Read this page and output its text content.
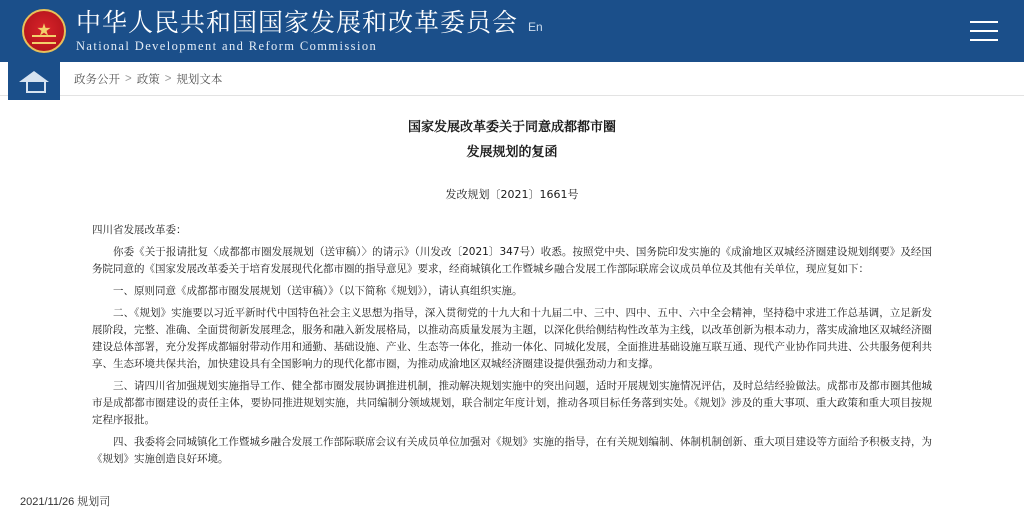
★
中华人民共和国国家发展和改革委员会 En
National Development and Reform Commission
政务公开 > 政策 > 规划文本
国家发展改革委关于同意成都都市圈
发展规划的复函
发改规划〔2021〕1661号

四川省发展改革委：

你委《关于报请批复〈成都都市圈发展规划（送审稿）〉的请示》（川发改〔2021〕347号）收悉。按照党中央、国务院印发实施的《成渝地区双城经济圈建设规划纲要》及经国务院同意的《国家发展改革委关于培育发展现代化都市圈的指导意见》要求，经商城镇化工作暨城乡融合发展工作部际联席会议成员单位及其他有关单位，现应复如下：

一、原则同意《成都都市圈发展规划（送审稿）》（以下简称《规划》），请认真组织实施。

二、《规划》实施要以习近平新时代中国特色社会主义思想为指导，深入贯彻党的十九大和十九届二中、三中、四中、五中、六中全会精神，坚持稳中求进工作总基调，立足新发展阶段，完整、准确、全面贯彻新发展理念，服务和融入新发展格局，以推动高质量发展为主题，以深化供给侧结构性改革为主线，以改革创新为根本动力，落实成渝地区双城经济圈建设总体部署，充分发挥成都辐射带动作用和通勤、基础设施、产业、生态等一体化，推动一体化、同城化发展，全面推进基础设施互联互通、现代产业协作同共进、公共服务便利共享、生态环境共保共治，加快建设具有全国影响力的现代化都市圈，为推动成渝地区双城经济圈建设提供强劲动力和支撑。

三、请四川省加强规划实施指导工作、健全都市圈发展协调推进机制，推动解决规划实施中的突出问题，适时开展规划实施情况评估，及时总结经验做法。成都市及都市圈其他城市是成都都市圈建设的责任主体，要协同推进规划实施，共同编制分领域规划，联合制定年度计划，推动各项目标任务落到实处。《规划》涉及的重大事项、重大政策和重大项目按规定程序报批。

四、我委将会同城镇化工作暨城乡融合发展工作部际联席会议有关成员单位加强对《规划》实施的指导，在有关规划编制、体制机制创新、重大项目建设等方面给予积极支持，为《规划》实施创造良好环境。

2021/11/26 规划司
